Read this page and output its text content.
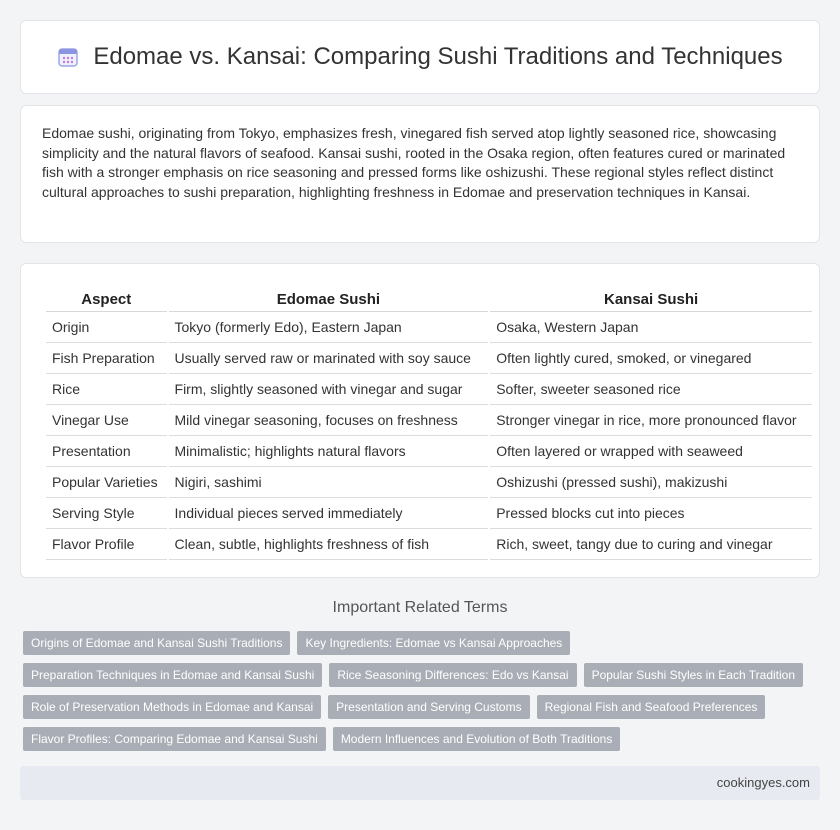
Edomae vs. Kansai: Comparing Sushi Traditions and Techniques

Edomae sushi, originating from Tokyo, emphasizes fresh, vinegared fish served atop lightly seasoned rice, showcasing simplicity and the natural flavors of seafood. Kansai sushi, rooted in the Osaka region, often features cured or marinated fish with a stronger emphasis on rice seasoning and pressed forms like oshizushi. These regional styles reflect distinct cultural approaches to sushi preparation, highlighting freshness in Edomae and preservation techniques in Kansai.

Aspect	Edomae Sushi	Kansai Sushi
Origin	Tokyo (formerly Edo), Eastern Japan	Osaka, Western Japan
Fish Preparation	Usually served raw or marinated with soy sauce	Often lightly cured, smoked, or vinegared
Rice	Firm, slightly seasoned with vinegar and sugar	Softer, sweeter seasoned rice
Vinegar Use	Mild vinegar seasoning, focuses on freshness	Stronger vinegar in rice, more pronounced flavor
Presentation	Minimalistic; highlights natural flavors	Often layered or wrapped with seaweed
Popular Varieties	Nigiri, sashimi	Oshizushi (pressed sushi), makizushi
Serving Style	Individual pieces served immediately	Pressed blocks cut into pieces
Flavor Profile	Clean, subtle, highlights freshness of fish	Rich, sweet, tangy due to curing and vinegar
Important Related Terms
Origins of Edomae and Kansai Sushi Traditions	Key Ingredients: Edomae vs Kansai Approaches
Preparation Techniques in Edomae and Kansai Sushi	Rice Seasoning Differences: Edo vs Kansai	Popular Sushi Styles in Each Tradition
Role of Preservation Methods in Edomae and Kansai	Presentation and Serving Customs	Regional Fish and Seafood Preferences
Flavor Profiles: Comparing Edomae and Kansai Sushi	Modern Influences and Evolution of Both Traditions
cookingyes.com
